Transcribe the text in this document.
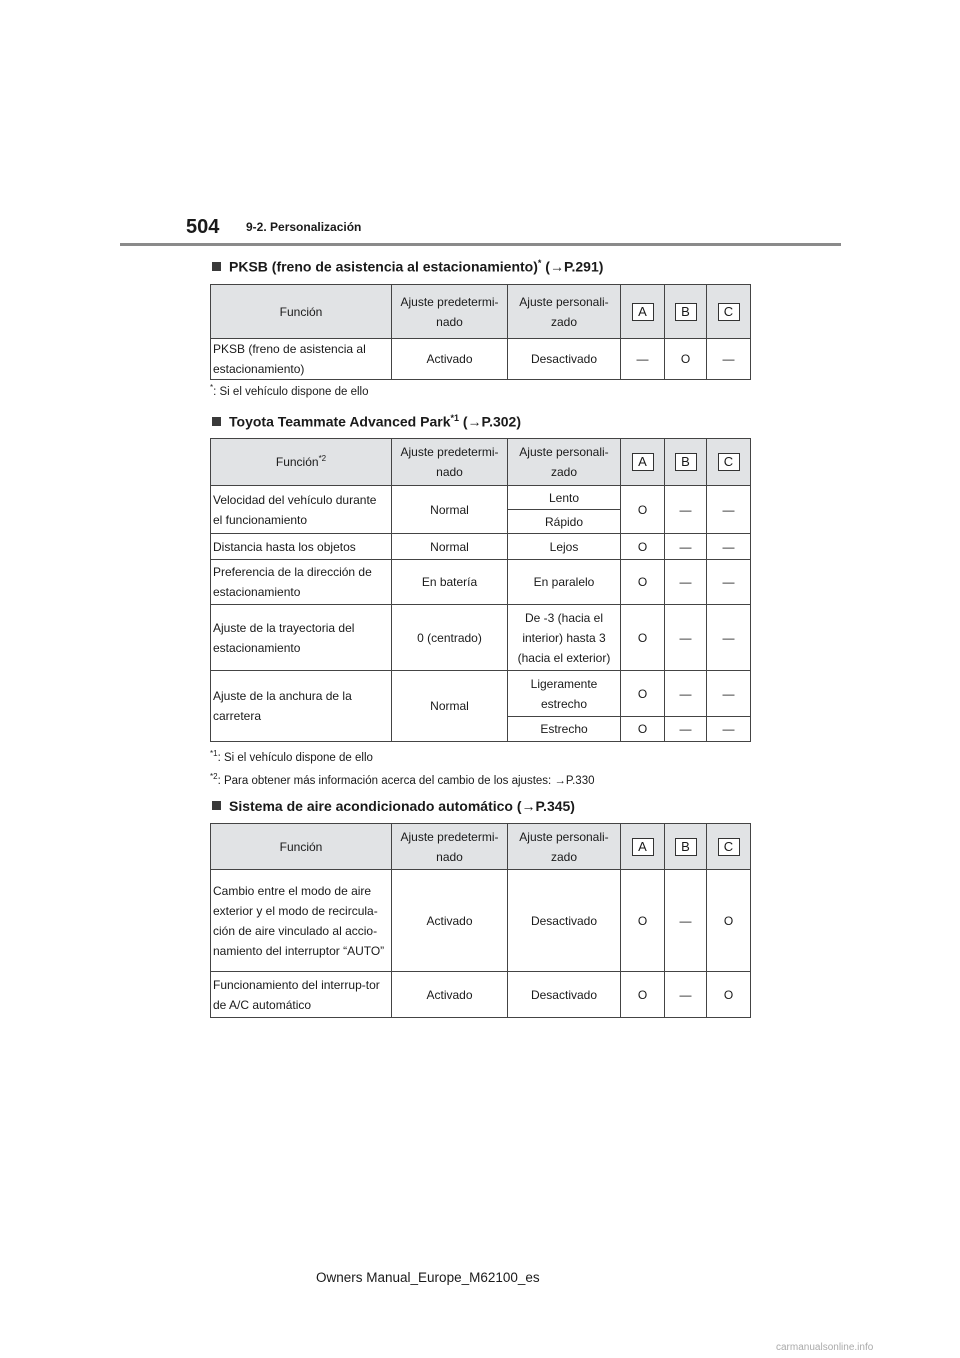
504 9-2. Personalización
PKSB (freno de asistencia al estacionamiento)* (→P.291)
Función	Ajuste predetermi-nado	Ajuste personali-zado	A	B	C
PKSB (freno de asistencia al estacionamiento)	Activado	Desactivado	—	O	—
*: Si el vehículo dispone de ello
Toyota Teammate Advanced Park$^{*1}$ (→P.302)
Función$^{*2}$	Ajuste predetermi-nado	Ajuste personali-zado	A	B	C
Velocidad del vehículo durante el funcionamiento	Normal	Lento	O	—	—
		Rápido			
Distancia hasta los objetos	Normal	Lejos	O	—	—
Preferencia de la dirección de estacionamiento	En batería	En paralelo	O	—	—
Ajuste de la trayectoria del estacionamiento	0 (centrado)	De -3 (hacia el interior) hasta 3 (hacia el exterior)	O	—	—
Ajuste de la anchura de la carretera	Normal	Ligeramente estrecho	O	—	—
		Estrecho	O	—	—
$^{*1}$: Si el vehículo dispone de ello
$^{*2}$: Para obtener más información acerca del cambio de los ajustes: →P.330
Sistema de aire acondicionado automático (→P.345)
Función	Ajuste predetermi-nado	Ajuste personali-zado	A	B	C
Cambio entre el modo de aire exterior y el modo de recircula-ción de aire vinculado al accio-namiento del interruptor “AUTO”	Activado	Desactivado	O	—	O
Funcionamiento del interrup-tor de A/C automático	Activado	Desactivado	O	—	O
Owners Manual_Europe_M62100_es
carmanualsonline.info
